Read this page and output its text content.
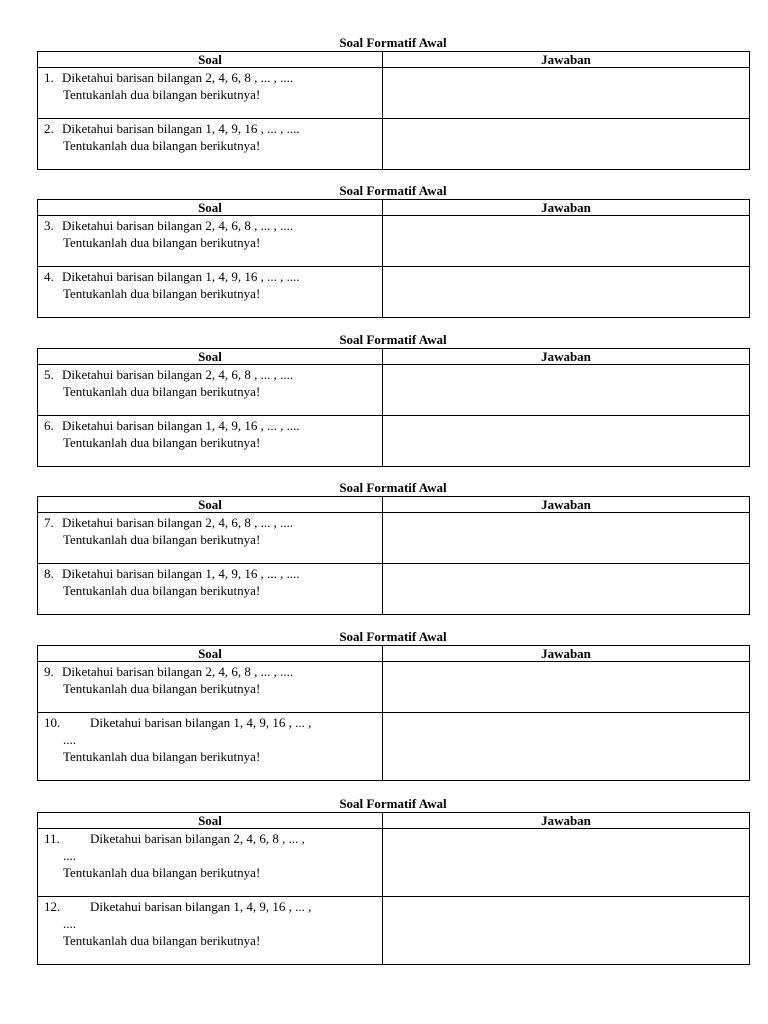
Soal Formatif Awal
Soal	Jawaban

1. Diketahui barisan bilangan 2, 4, 6, 8 , ... , ....
Tentukanlah dua bilangan berikutnya!	

2. Diketahui barisan bilangan 1, 4, 9, 16 , ... , ....
Tentukanlah dua bilangan berikutnya!	

Soal Formatif Awal
Soal	Jawaban

3. Diketahui barisan bilangan 2, 4, 6, 8 , ... , ....
Tentukanlah dua bilangan berikutnya!	

4. Diketahui barisan bilangan 1, 4, 9, 16 , ... , ....
Tentukanlah dua bilangan berikutnya!	

Soal Formatif Awal
Soal	Jawaban

5. Diketahui barisan bilangan 2, 4, 6, 8 , ... , ....
Tentukanlah dua bilangan berikutnya!	

6. Diketahui barisan bilangan 1, 4, 9, 16 , ... , ....
Tentukanlah dua bilangan berikutnya!	

Soal Formatif Awal
Soal	Jawaban

7. Diketahui barisan bilangan 2, 4, 6, 8 , ... , ....
Tentukanlah dua bilangan berikutnya!	

8. Diketahui barisan bilangan 1, 4, 9, 16 , ... , ....
Tentukanlah dua bilangan berikutnya!	

Soal Formatif Awal
Soal	Jawaban

9. Diketahui barisan bilangan 2, 4, 6, 8 , ... , ....
Tentukanlah dua bilangan berikutnya!	

10. Diketahui barisan bilangan 1, 4, 9, 16 , ... ,
....
Tentukanlah dua bilangan berikutnya!	

Soal Formatif Awal
Soal	Jawaban

11. Diketahui barisan bilangan 2, 4, 6, 8 , ... ,
....
Tentukanlah dua bilangan berikutnya!	

12. Diketahui barisan bilangan 1, 4, 9, 16 , ... ,
....
Tentukanlah dua bilangan berikutnya!	
